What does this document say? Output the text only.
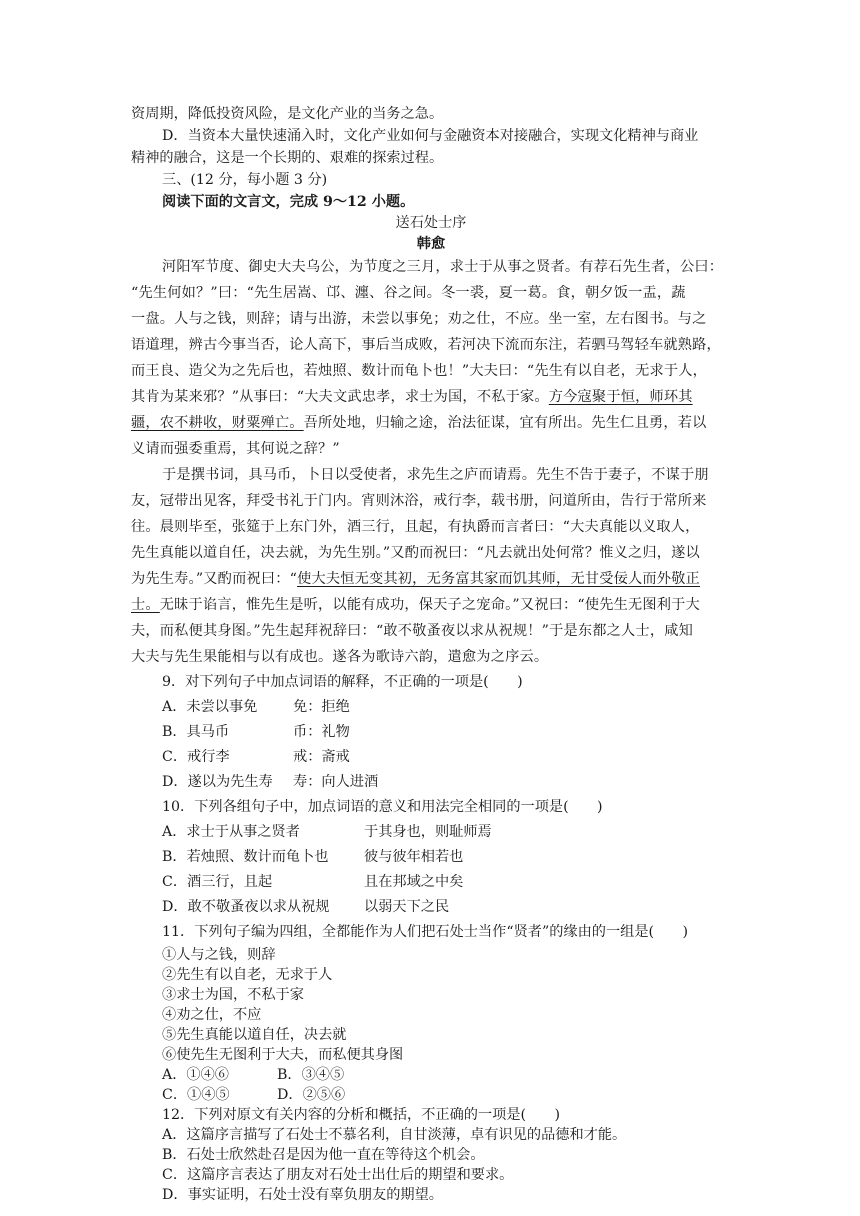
资周期，降低投资风险，是文化产业的当务之急。
D．当资本大量快速涌入时，文化产业如何与金融资本对接融合，实现文化精神与商业
精神的融合，这是一个长期的、艰难的探索过程。
三、(12 分，每小题 3 分)
阅读下面的文言文，完成 9～12 小题。
送石处士序
韩愈
河阳军节度、御史大夫乌公，为节度之三月，求士于从事之贤者。有荐石先生者，公曰：
“先生何如？”曰：“先生居嵩、邙、瀍、谷之间。冬一裘，夏一葛。食，朝夕饭一盂，蔬
一盘。人与之钱，则辞；请与出游，未尝以事免；劝之仕，不应。坐一室，左右图书。与之
语道理，辨古今事当否，论人高下，事后当成败，若河决下流而东注，若驷马驾轻车就熟路，
而王良、造父为之先后也，若烛照、数计而龟卜也！”大夫曰：“先生有以自老，无求于人，
其肯为某来邪？”从事曰：“大夫文武忠孝，求士为国，不私于家。方今寇聚于恒，师环其
疆，农不耕收，财粟殚亡。吾所处地，归输之途，治法征谋，宜有所出。先生仁且勇，若以
义请而强委重焉，其何说之辞？”
于是撰书词，具马币，卜日以受使者，求先生之庐而请焉。先生不告于妻子，不谋于朋
友，冠带出见客，拜受书礼于门内。宵则沐浴，戒行李，载书册，问道所由，告行于常所来
往。晨则毕至，张筵于上东门外，酒三行，且起，有执爵而言者曰：“大夫真能以义取人，
先生真能以道自任，决去就，为先生别。”又酌而祝曰：“凡去就出处何常？惟义之归，遂以
为先生寿。”又酌而祝曰：“使大夫恒无变其初，无务富其家而饥其师，无甘受佞人而外敬正
士。无昧于谄言，惟先生是听，以能有成功，保天子之宠命。”又祝曰：“使先生无图利于大
夫，而私便其身图。”先生起拜祝辞曰：“敢不敬蚤夜以求从祝规！”于是东都之人士，咸知
大夫与先生果能相与以有成也。遂各为歌诗六韵，遣愈为之序云。
9．对下列句子中加点词语的解释，不正确的一项是(　　)
A．未尝以事免	免：拒绝
B．具马币	币：礼物
C．戒行李	戒：斋戒
D．遂以为先生寿 寿：向人进酒
10．下列各组句子中，加点词语的意义和用法完全相同的一项是(　　)
A．求士于从事之贤者	于其身也，则耻师焉
B．若烛照、数计而龟卜也	彼与彼年相若也
C．酒三行，且起	且在邦域之中矣
D．敢不敬蚤夜以求从祝规 以弱天下之民
11．下列句子编为四组，全都能作为人们把石处士当作“贤者”的缘由的一组是(　　)
①人与之钱，则辞
②先生有以自老，无求于人
③求士为国，不私于家
④劝之仕，不应
⑤先生真能以道自任，决去就
⑥使先生无图利于大夫，而私便其身图
A．①④⑥	B．③④⑤
C．①④⑤	D．②⑤⑥
12．下列对原文有关内容的分析和概括，不正确的一项是(　　)
A．这篇序言描写了石处士不慕名利，自甘淡薄，卓有识见的品德和才能。
B．石处士欣然赴召是因为他一直在等待这个机会。
C．这篇序言表达了朋友对石处士出仕后的期望和要求。
D．事实证明，石处士没有辜负朋友的期望。
